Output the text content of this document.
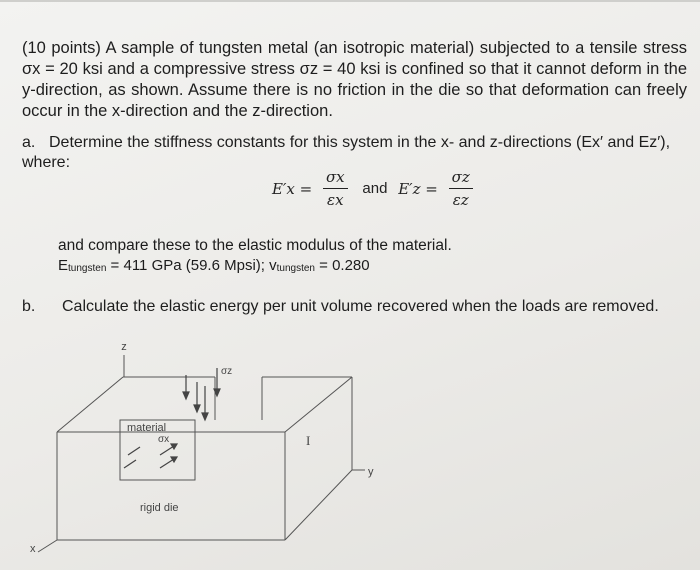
(10 points) A sample of tungsten metal (an isotropic material) subjected to a tensile stress σx = 20 ksi and a compressive stress σz = 40 ksi is confined so that it cannot deform in the y-direction, as shown. Assume there is no friction in the die so that deformation can freely occur in the x-direction and the z-direction.

a. Determine the stiffness constants for this system in the x- and z-directions (Ex′ and Ez′), where:
$E'x = \frac{\sigma x}{\varepsilon x}$ and $E'z = \frac{\sigma z}{\varepsilon z}$
and compare these to the elastic modulus of the material.
Etungsten = 411 GPa (59.6 Mpsi); vtungsten = 0.280
b. Calculate the elastic energy per unit volume recovered when the loads are removed.
z
y
x
σz
σx
material
rigid die
I
